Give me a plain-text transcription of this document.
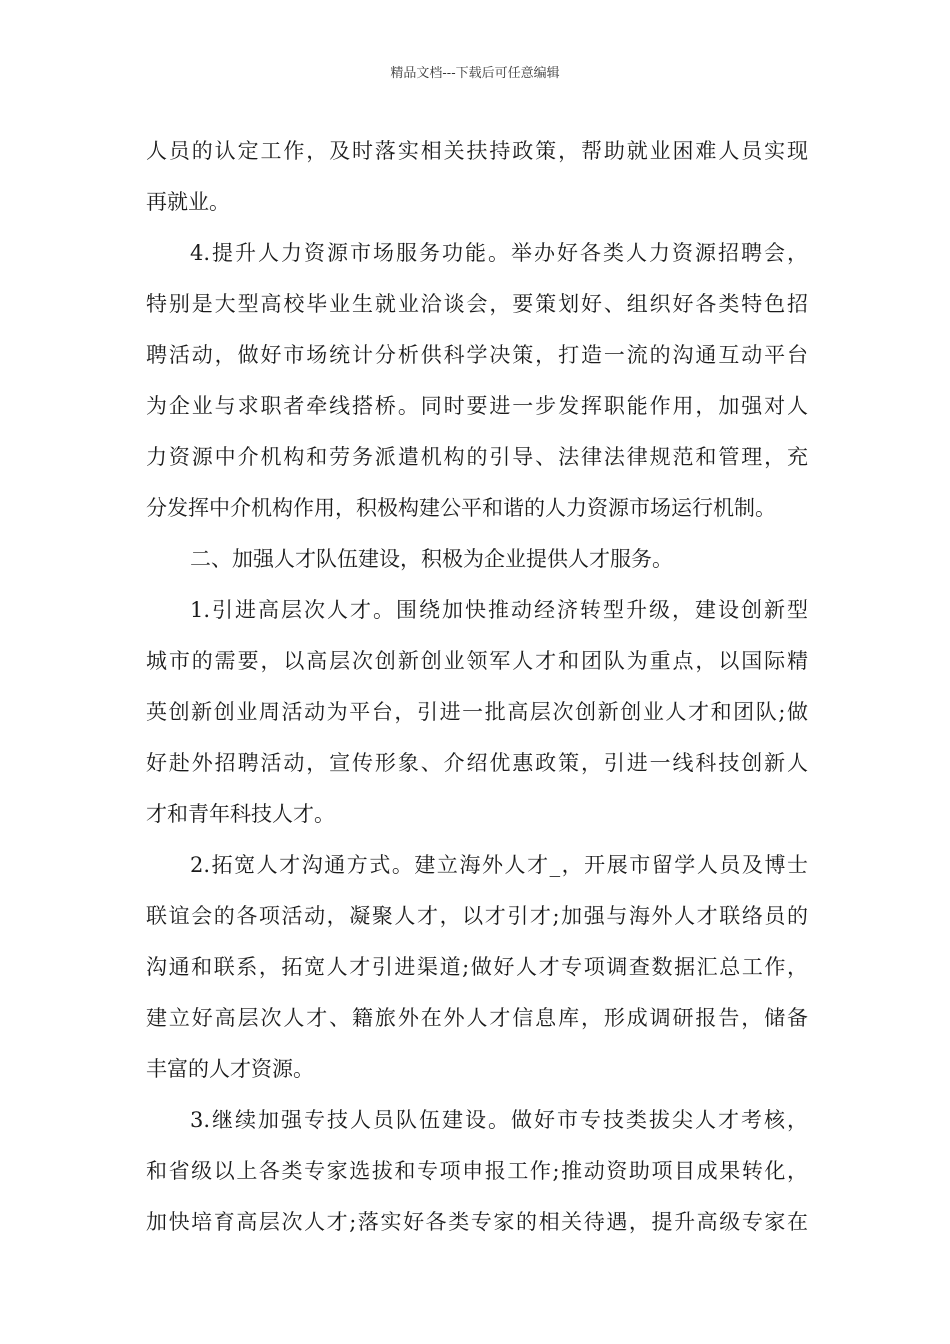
精品文档---下载后可任意编辑
人员的认定工作，及时落实相关扶持政策，帮助就业困难人员实现
再就业。
4.提升人力资源市场服务功能。举办好各类人力资源招聘会，
特别是大型高校毕业生就业洽谈会，要策划好、组织好各类特色招
聘活动，做好市场统计分析供科学决策，打造一流的沟通互动平台
为企业与求职者牵线搭桥。同时要进一步发挥职能作用，加强对人
力资源中介机构和劳务派遣机构的引导、法律法律规范和管理，充
分发挥中介机构作用，积极构建公平和谐的人力资源市场运行机制。
二、加强人才队伍建设，积极为企业提供人才服务。
1.引进高层次人才。围绕加快推动经济转型升级，建设创新型
城市的需要，以高层次创新创业领军人才和团队为重点，以国际精
英创新创业周活动为平台，引进一批高层次创新创业人才和团队;做
好赴外招聘活动，宣传形象、介绍优惠政策，引进一线科技创新人
才和青年科技人才。
2.拓宽人才沟通方式。建立海外人才_，开展市留学人员及博士
联谊会的各项活动，凝聚人才，以才引才;加强与海外人才联络员的
沟通和联系，拓宽人才引进渠道;做好人才专项调查数据汇总工作，
建立好高层次人才、籍旅外在外人才信息库，形成调研报告，储备
丰富的人才资源。
3.继续加强专技人员队伍建设。做好市专技类拔尖人才考核，
和省级以上各类专家选拔和专项申报工作;推动资助项目成果转化，
加快培育高层次人才;落实好各类专家的相关待遇，提升高级专家在
